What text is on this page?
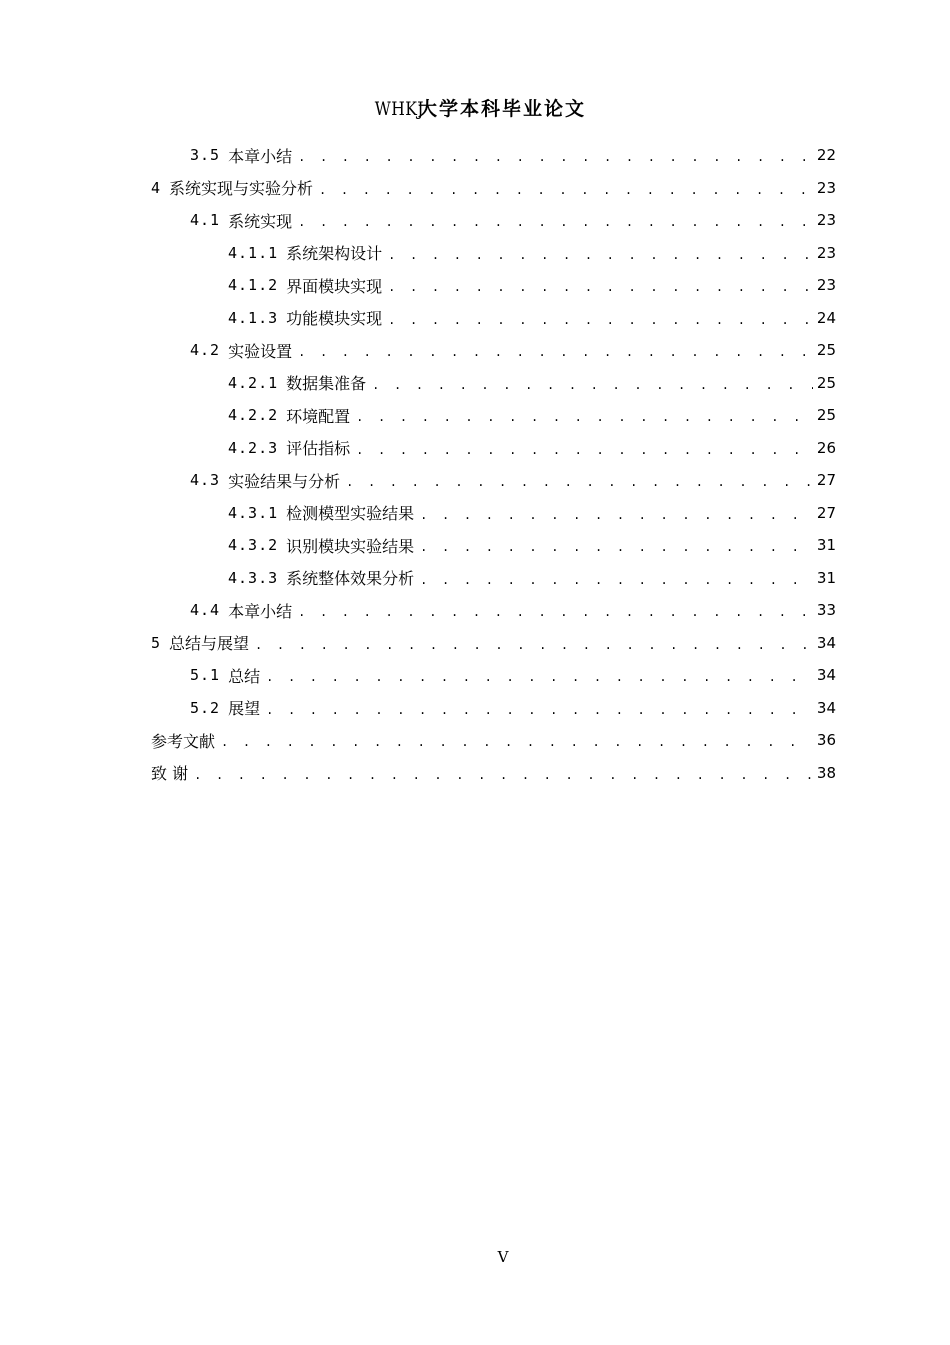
WHKJ大学本科毕业论文
3.5 本章小结 . . .	22
4 系统实现与实验分析 . . .	23
4.1 系统实现 . . .	23
4.1.1 系统架构设计 . . .	23
4.1.2 界面模块实现 . . .	23
4.1.3 功能模块实现 . . .	24
4.2 实验设置 . . .	25
4.2.1 数据集准备 . . .	25
4.2.2 环境配置 . . .	25
4.2.3 评估指标 . . .	26
4.3 实验结果与分析 . . .	27
4.3.1 检测模型实验结果 . . .	27
4.3.2 识别模块实验结果 . . .	31
4.3.3 系统整体效果分析 . . .	31
4.4 本章小结 . . .	33
5 总结与展望 . . .	34
5.1 总结 . . .	34
5.2 展望 . . .	34
参考文献 . . .	36
致 谢 . . .	38
V
